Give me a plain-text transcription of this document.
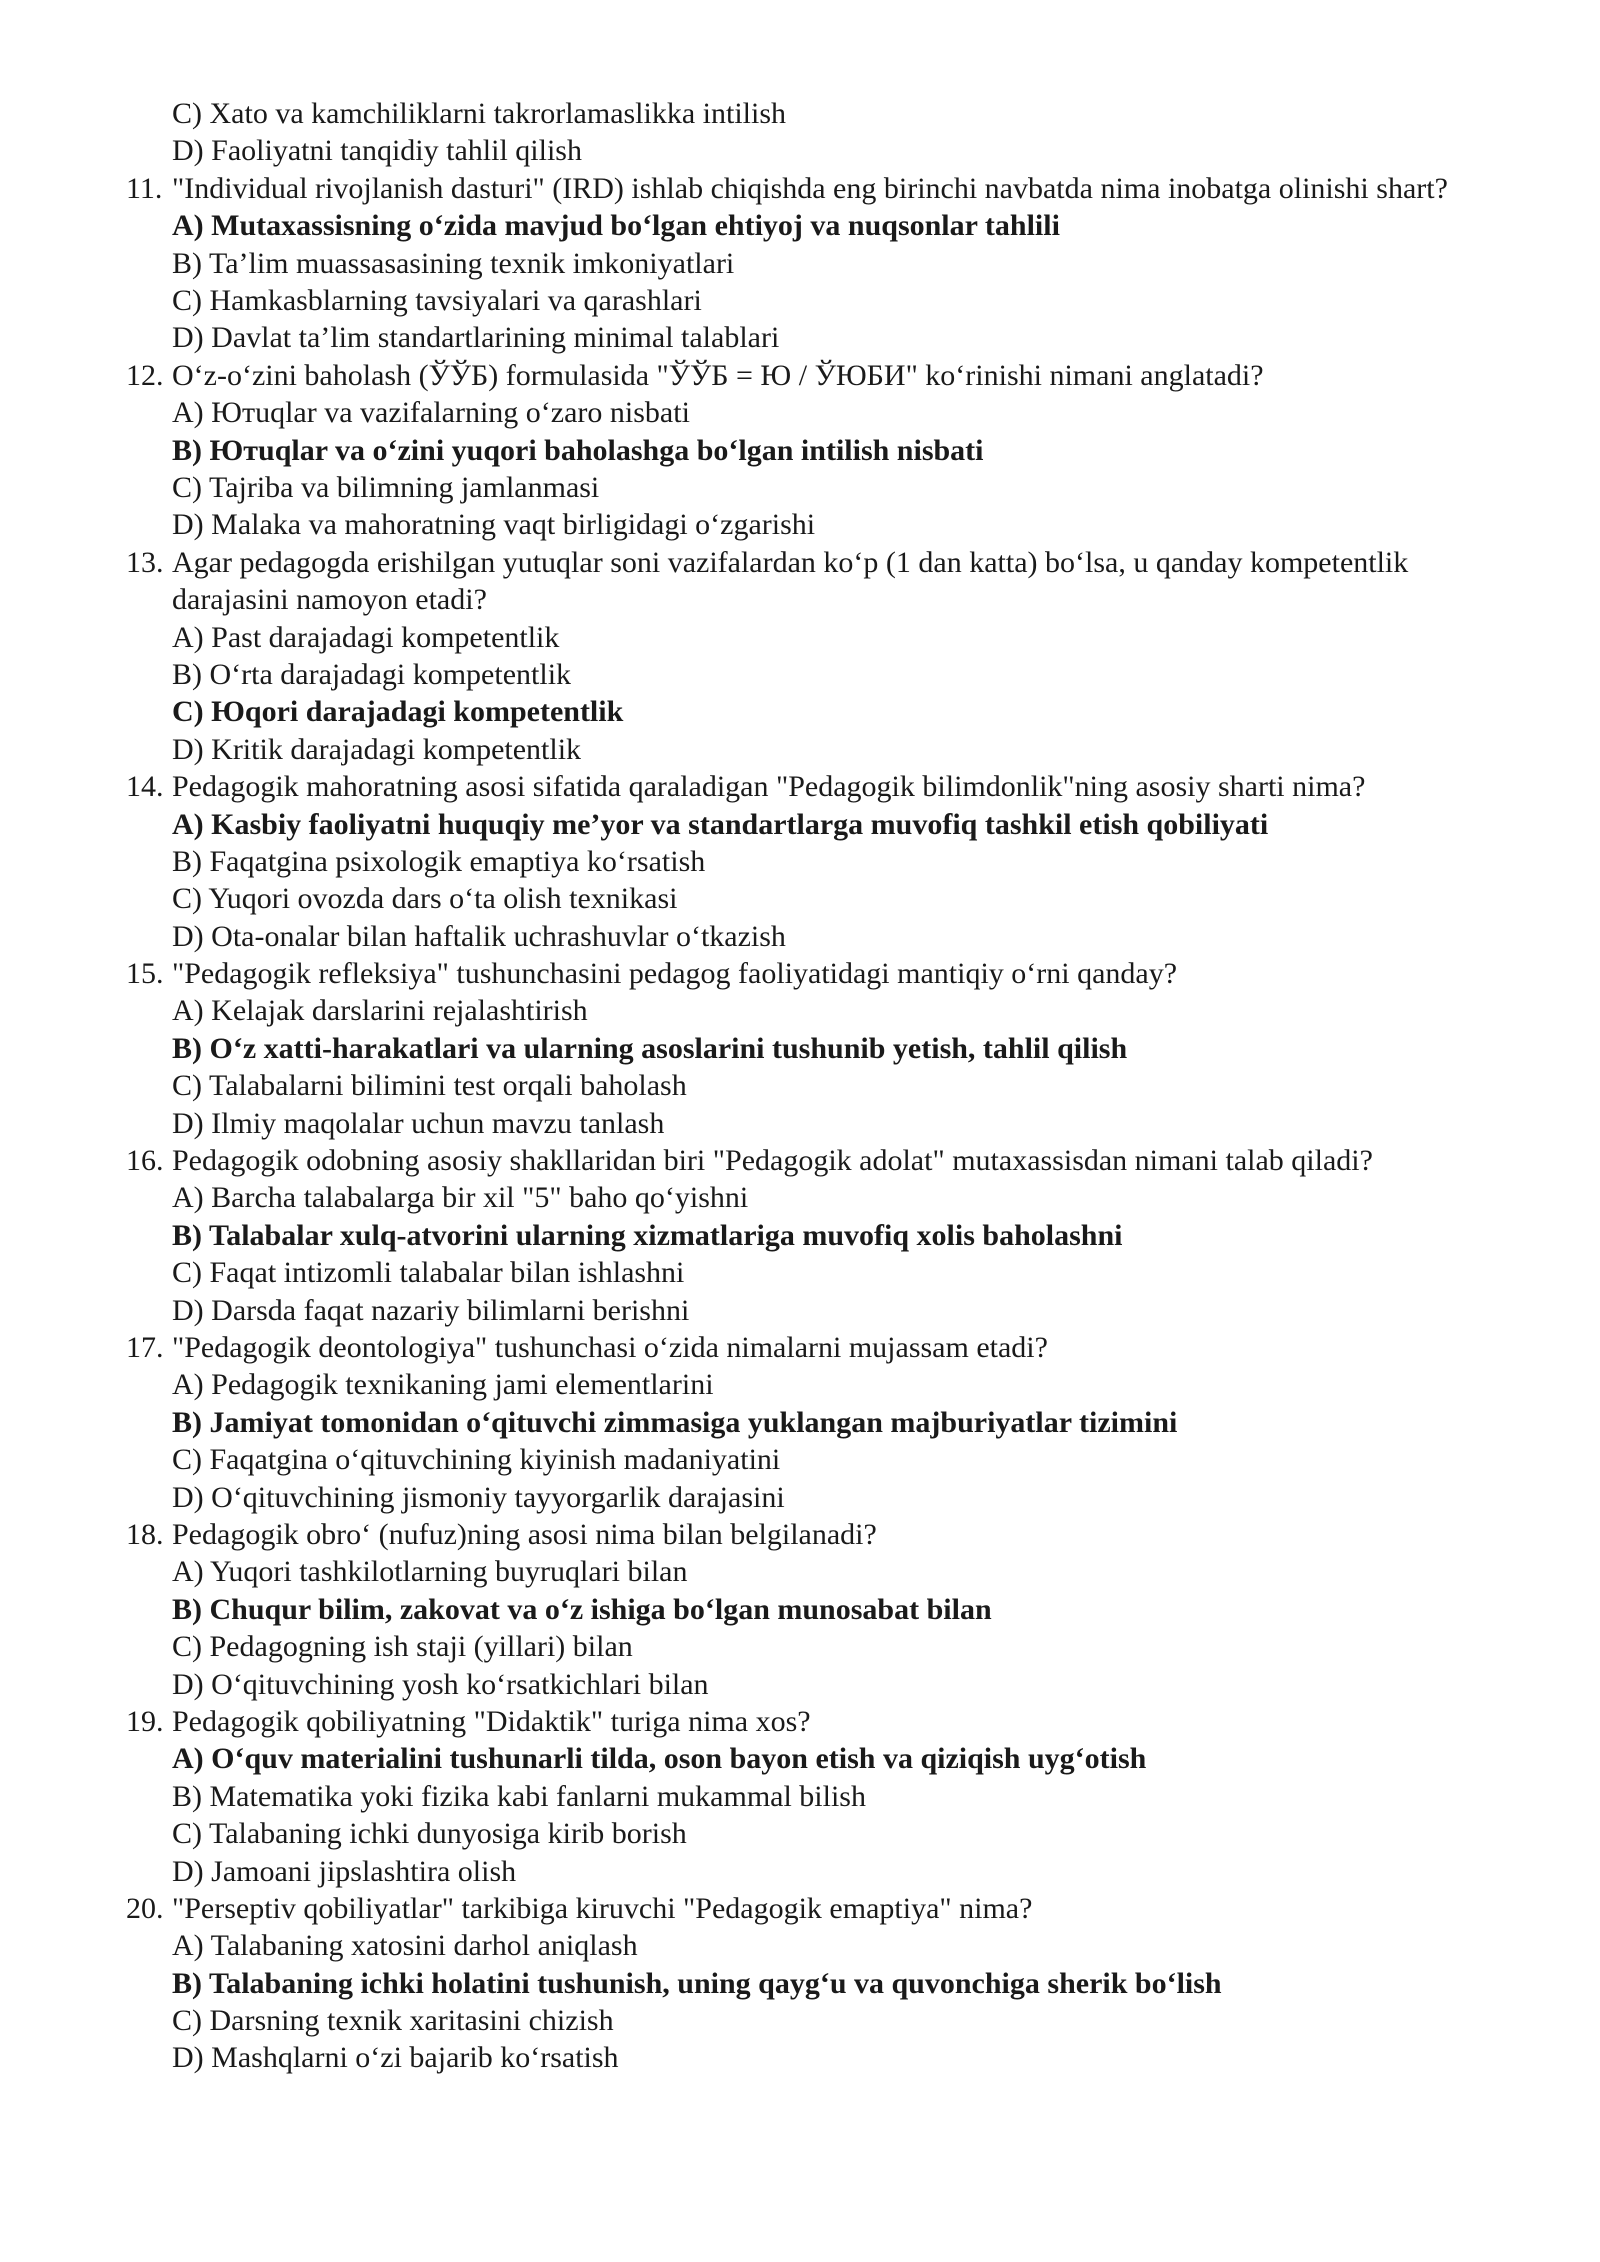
C) Xato va kamchiliklarni takrorlamaslikka intilish
D) Faoliyatni tanqidiy tahlil qilish
11. "Individual rivojlanish dasturi" (IRD) ishlab chiqishda eng birinchi navbatda nima inobatga olinishi shart?
A) Mutaxassisning o‘zida mavjud bo‘lgan ehtiyoj va nuqsonlar tahlili
B) Ta’lim muassasasining texnik imkoniyatlari
C) Hamkasblarning tavsiyalari va qarashlari
D) Davlat ta’lim standartlarining minimal talablari
12. O‘z-o‘zini baholash (ЎЎБ) formulasida "ЎЎБ = Ю / ЎЮБИ" ko‘rinishi nimani anglatadi?
A) Ютuqlar va vazifalarning o‘zaro nisbati
B) Ютuqlar va o‘zini yuqori baholashga bo‘lgan intilish nisbati
C) Tajriba va bilimning jamlanmasi
D) Malaka va mahoratning vaqt birligidagi o‘zgarishi
13. Agar pedagogda erishilgan yutuqlar soni vazifalardan ko‘p (1 dan katta) bo‘lsa, u qanday kompetentlik darajasini namoyon etadi?
A) Past darajadagi kompetentlik
B) O‘rta darajadagi kompetentlik
C) Юqori darajadagi kompetentlik
D) Kritik darajadagi kompetentlik
14. Pedagogik mahoratning asosi sifatida qaraladigan "Pedagogik bilimdonlik"ning asosiy sharti nima?
A) Kasbiy faoliyatni huquqiy me’yor va standartlarga muvofiq tashkil etish qobiliyati
B) Faqatgina psixologik emaptiya ko‘rsatish
C) Yuqori ovozda dars o‘ta olish texnikasi
D) Ota-onalar bilan haftalik uchrashuvlar o‘tkazish
15. "Pedagogik refleksiya" tushunchasini pedagog faoliyatidagi mantiqiy o‘rni qanday?
A) Kelajak darslarini rejalashtirish
B) O‘z xatti-harakatlari va ularning asoslarini tushunib yetish, tahlil qilish
C) Talabalarni bilimini test orqali baholash
D) Ilmiy maqolalar uchun mavzu tanlash
16. Pedagogik odobning asosiy shakllaridan biri "Pedagogik adolat" mutaxassisdan nimani talab qiladi?
A) Barcha talabalarga bir xil "5" baho qo‘yishni
B) Talabalar xulq-atvorini ularning xizmatlariga muvofiq xolis baholashni
C) Faqat intizomli talabalar bilan ishlashni
D) Darsda faqat nazariy bilimlarni berishni
17. "Pedagogik deontologiya" tushunchasi o‘zida nimalarni mujassam etadi?
A) Pedagogik texnikaning jami elementlarini
B) Jamiyat tomonidan o‘qituvchi zimmasiga yuklangan majburiyatlar tizimini
C) Faqatgina o‘qituvchining kiyinish madaniyatini
D) O‘qituvchining jismoniy tayyorgarlik darajasini
18. Pedagogik obro‘ (nufuz)ning asosi nima bilan belgilanadi?
A) Yuqori tashkilotlarning buyruqlari bilan
B) Chuqur bilim, zakovat va o‘z ishiga bo‘lgan munosabat bilan
C) Pedagogning ish staji (yillari) bilan
D) O‘qituvchining yosh ko‘rsatkichlari bilan
19. Pedagogik qobiliyatning "Didaktik" turiga nima xos?
A) O‘quv materialini tushunarli tilda, oson bayon etish va qiziqish uyg‘otish
B) Matematika yoki fizika kabi fanlarni mukammal bilish
C) Talabaning ichki dunyosiga kirib borish
D) Jamoani jipslashtira olish
20. "Perseptiv qobiliyatlar" tarkibiga kiruvchi "Pedagogik emaptiya" nima?
A) Talabaning xatosini darhol aniqlash
B) Talabaning ichki holatini tushunish, uning qayg‘u va quvonchiga sherik bo‘lish
C) Darsning texnik xaritasini chizish
D) Mashqlarni o‘zi bajarib ko‘rsatish
